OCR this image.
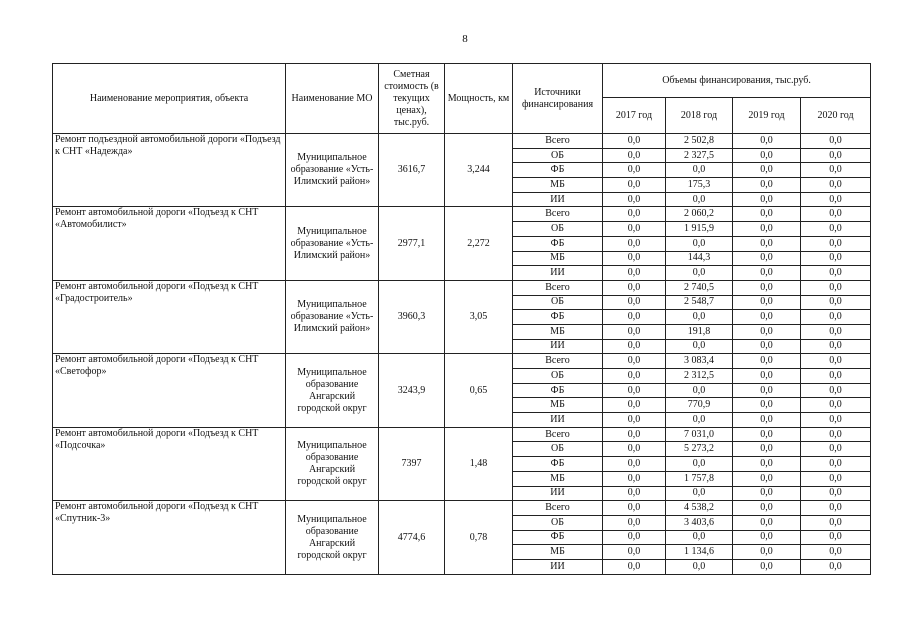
8
Наименование мероприятия, объекта	Наименование МО	Сметная стоимость (в текущих ценах), тыс.руб.	Мощность, км	Источники финансирования	Объемы финансирования, тыс.руб.			
					2017 год	2018 год	2019 год	2020 год
Ремонт подъездной автомобильной дороги «Подъезд к СНТ «Надежда»	Муниципальное образование «Усть-Илимский район»	3616,7	3,244	Всего	0,0	2 502,8	0,0	0,0
				ОБ	0,0	2 327,5	0,0	0,0
				ФБ	0,0	0,0	0,0	0,0
				МБ	0,0	175,3	0,0	0,0
				ИИ	0,0	0,0	0,0	0,0
Ремонт автомобильной дороги «Подъезд к СНТ «Автомобилист»	Муниципальное образование «Усть-Илимский район»	2977,1	2,272	Всего	0,0	2 060,2	0,0	0,0
				ОБ	0,0	1 915,9	0,0	0,0
				ФБ	0,0	0,0	0,0	0,0
				МБ	0,0	144,3	0,0	0,0
				ИИ	0,0	0,0	0,0	0,0
Ремонт автомобильной дороги «Подъезд к СНТ «Градостроитель»	Муниципальное образование «Усть-Илимский район»	3960,3	3,05	Всего	0,0	2 740,5	0,0	0,0
				ОБ	0,0	2 548,7	0,0	0,0
				ФБ	0,0	0,0	0,0	0,0
				МБ	0,0	191,8	0,0	0,0
				ИИ	0,0	0,0	0,0	0,0
Ремонт автомобильной дороги «Подъезд к СНТ «Светофор»	Муниципальное образование Ангарский городской округ	3243,9	0,65	Всего	0,0	3 083,4	0,0	0,0
				ОБ	0,0	2 312,5	0,0	0,0
				ФБ	0,0	0,0	0,0	0,0
				МБ	0,0	770,9	0,0	0,0
				ИИ	0,0	0,0	0,0	0,0
Ремонт автомобильной дороги «Подъезд к СНТ «Подсочка»	Муниципальное образование Ангарский городской округ	7397	1,48	Всего	0,0	7 031,0	0,0	0,0
				ОБ	0,0	5 273,2	0,0	0,0
				ФБ	0,0	0,0	0,0	0,0
				МБ	0,0	1 757,8	0,0	0,0
				ИИ	0,0	0,0	0,0	0,0
Ремонт автомобильной дороги «Подъезд к СНТ «Спутник-3»	Муниципальное образование Ангарский городской округ	4774,6	0,78	Всего	0,0	4 538,2	0,0	0,0
				ОБ	0,0	3 403,6	0,0	0,0
				ФБ	0,0	0,0	0,0	0,0
				МБ	0,0	1 134,6	0,0	0,0
				ИИ	0,0	0,0	0,0	0,0
